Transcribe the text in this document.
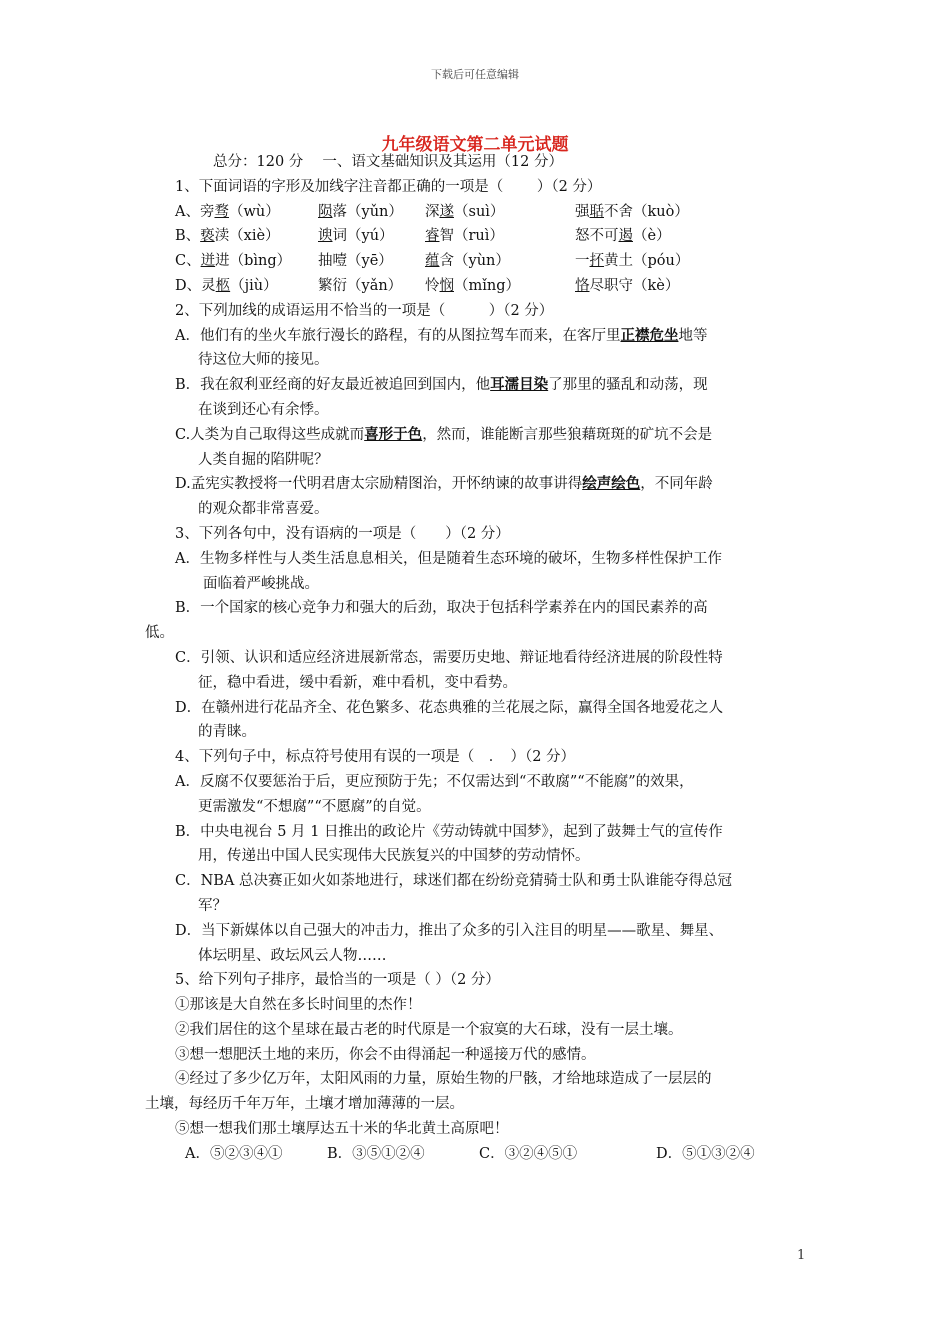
下载后可任意编辑
九年级语文第二单元试题
总分：120 分　 一、语文基础知识及其运用（12 分）
1、下面词语的字形及加线字注音都正确的一项是（　　 ）（2 分）
A、旁骛（wù）	陨落（yǔn）	深遂（suì）	强聒不舍（kuò）
B、亵渎（xiè）	谀词（yú）	睿智（ruì）	怒不可遏（è）
C、迸进（bìng）	抽噎（yē）	蕴含（yùn）	一抔黄土（póu）
D、灵柩（jiù）	繁衍（yǎn）	怜悯（mǐng）	恪尽职守（kè）
2、下列加线的成语运用不恰当的一项是（　　　）（2 分）
A．他们有的坐火车旅行漫长的路程，有的从图拉驾车而来，在客厅里正襟危坐地等
待这位大师的接见。
B．我在叙利亚经商的好友最近被追回到国内，他耳濡目染了那里的骚乱和动荡，现
在谈到还心有余悸。
C.人类为自己取得这些成就而喜形于色，然而，谁能断言那些狼藉斑斑的矿坑不会是
人类自掘的陷阱呢？
D.孟宪实教授将一代明君唐太宗励精图治，开怀纳谏的故事讲得绘声绘色，不同年龄
的观众都非常喜爱。
3、下列各句中，没有语病的一项是（　　）（2 分）
A．生物多样性与人类生活息息相关，但是随着生态环境的破坏，生物多样性保护工作
面临着严峻挑战。
B．一个国家的核心竞争力和强大的后劲，取决于包括科学素养在内的国民素养的高
低。
C．引领、认识和适应经济进展新常态，需要历史地、辩证地看待经济进展的阶段性特
征，稳中看进，缓中看新，难中看机，变中看势。
D．在赣州进行花品齐全、花色繁多、花态典雅的兰花展之际，赢得全国各地爱花之人
的青睐。
4、下列句子中，标点符号使用有误的一项是（　．　）（2 分）
A．反腐不仅要惩治于后，更应预防于先；不仅需达到“不敢腐”“不能腐”的效果，
更需激发“不想腐”“不愿腐”的自觉。
B．中央电视台 5 月 1 日推出的政论片《劳动铸就中国梦》，起到了鼓舞士气的宣传作
用，传递出中国人民实现伟大民族复兴的中国梦的劳动情怀。
C．NBA 总决赛正如火如荼地进行，球迷们都在纷纷竞猜骑士队和勇士队谁能夺得总冠
军？
D．当下新媒体以自己强大的冲击力，推出了众多的引入注目的明星——歌星、舞星、
体坛明星、政坛风云人物……
5、给下列句子排序，最恰当的一项是（ ）（2 分）
①那该是大自然在多长时间里的杰作！
②我们居住的这个星球在最古老的时代原是一个寂寞的大石球，没有一层土壤。
③想一想肥沃土地的来历，你会不由得涌起一种遥接万代的感情。
④经过了多少亿万年，太阳风雨的力量，原始生物的尸骸，才给地球造成了一层层的
土壤，每经历千年万年，土壤才增加薄薄的一层。
⑤想一想我们那土壤厚达五十米的华北黄土高原吧！
A．⑤②③④①	B．③⑤①②④	C．③②④⑤①	D．⑤①③②④
1
